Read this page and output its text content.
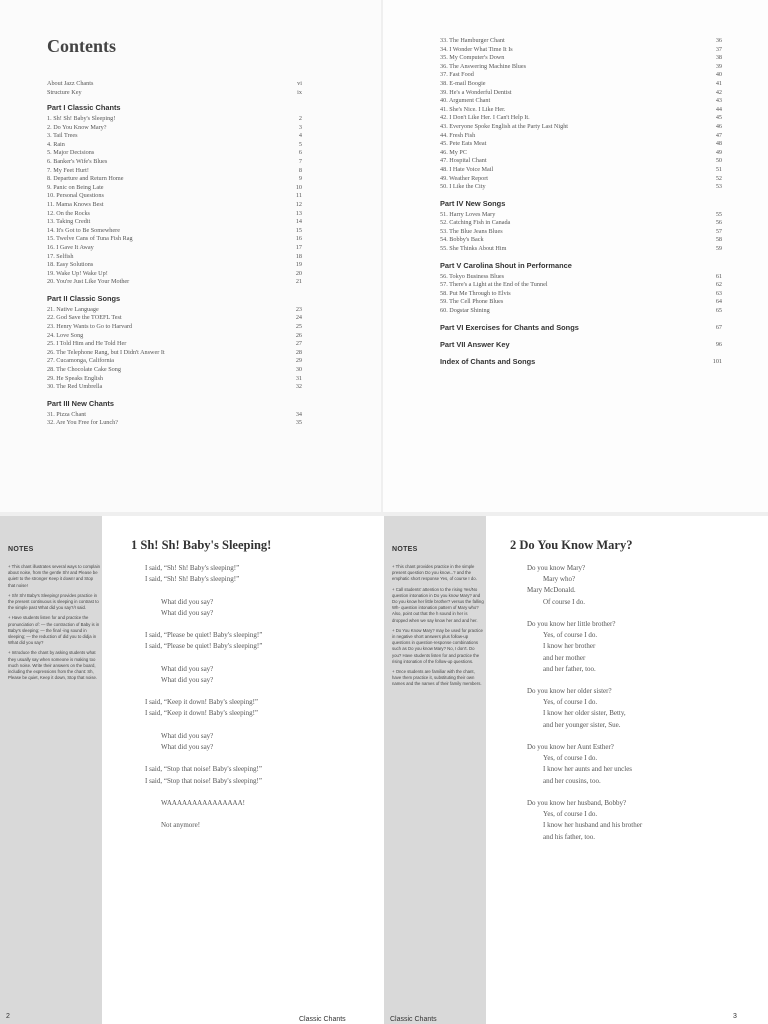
Contents
About Jazz Chants	vi
Structure Key	ix
Part I Classic Chants
1. Sh! Sh! Baby's Sleeping!	2
2. Do You Know Mary?	3
3. Tail Trees	4
4. Rain	5
5. Major Decisions	6
6. Banker's Wife's Blues	7
7. My Feet Hurt!	8
8. Departure and Return Home	9
9. Panic on Being Late	10
10. Personal Questions	11
11. Mama Knows Best	12
12. On the Rocks	13
13. Taking Credit	14
14. It's Got to Be Somewhere	15
15. Twelve Cans of Tuna Fish Rag	16
16. I Gave It Away	17
17. Selfish	18
18. Easy Solutions	19
19. Wake Up! Wake Up!	20
20. You're Just Like Your Mother	21
Part II Classic Songs
21. Native Language	23
22. God Save the TOEFL Test	24
23. Henry Wants to Go to Harvard	25
24. Love Song	26
25. I Told Him and He Told Her	27
26. The Telephone Rang, but I Didn't Answer It	28
27. Cucamonga, California	29
28. The Chocolate Cake Song	30
29. He Speaks English	31
30. The Red Umbrella	32
Part III New Chants
31. Pizza Chant	34
32. Are You Free for Lunch?	35
33. The Hamburger Chant	36
34. I Wonder What Time It Is	37
35. My Computer's Down	38
36. The Answering Machine Blues	39
37. Fast Food	40
38. E-mail Boogie	41
39. He's a Wonderful Dentist	42
40. Argument Chant	43
41. She's Nice. I Like Her.	44
42. I Don't Like Her. I Can't Help It.	45
43. Everyone Spoke English at the Party Last Night	46
44. Fresh Fish	47
45. Pete Eats Meat	48
46. My PC	49
47. Hospital Chant	50
48. I Hate Voice Mail	51
49. Weather Report	52
50. I Like the City	53
Part IV New Songs
51. Harry Loves Mary	55
52. Catching Fish in Canada	56
53. The Blue Jeans Blues	57
54. Bobby's Back	58
55. She Thinks About Him	59
Part V Carolina Shout in Performance
56. Tokyo Business Blues	61
57. There's a Light at the End of the Tunnel	62
58. Put Me Through to Elvis	63
59. The Cell Phone Blues	64
60. Dogstar Shining	65
Part VI Exercises for Chants and Songs	67
Part VII Answer Key	96
Index of Chants and Songs	101
NOTES

+ This chant illustrates several ways to complain about noise, from the gentle Sh! and Please be quiet! to the stronger Keep it down! and Stop that noise!

+ Sh! Sh! Baby's Sleeping! provides practice in the present continuous is sleeping in contrast to the simple past What did you say?/I said.

+ Have students listen for and practice the pronunciation of: — the contraction of Baby is in Baby's sleeping; — the final -ing sound in sleeping; — the reduction of did you to didja in What did you say?

+ Introduce the chant by asking students what they usually say when someone is making too much noise. Write their answers on the board, including the expressions from the chant: Sh, Please be quiet, Keep it down, Stop that noise.

1 Sh! Sh! Baby's Sleeping!
I said, “Sh! Sh! Baby's sleeping!”
I said, “Sh! Sh! Baby's sleeping!”
What did you say?
What did you say?
I said, “Please be quiet! Baby's sleeping!”
I said, “Please be quiet! Baby's sleeping!”
What did you say?
What did you say?
I said, “Keep it down! Baby's sleeping!”
I said, “Keep it down! Baby's sleeping!”
What did you say?
What did you say?
I said, “Stop that noise! Baby's sleeping!”
I said, “Stop that noise! Baby's sleeping!”
WAAAAAAAAAAAAAAA!
Not anymore!
2	Classic Chants
NOTES

+ This chant provides practice in the simple present question Do you know...? and the emphatic short response Yes, of course I do.

+ Call students' attention to the rising Yes/No question intonation in Do you know Mary? and Do you know her little brother? versus the falling Wh- question intonation pattern of Mary who? Also, point out that the h sound in her is dropped when we say know her and and her.

+ Do You Know Mary? may be used for practice in negative short answers plus follow-up questions in question-response combinations such as Do you know Mary? No, I don't. Do you? Have students listen for and practice the rising intonation of the follow-up questions.

+ Once students are familiar with the chant, have them practice it, substituting their own names and the names of their family members.

2 Do You Know Mary?
Do you know Mary?
Mary who?
Mary McDonald.
Of course I do.
Do you know her little brother?
Yes, of course I do.
I know her brother
and her mother
and her father, too.
Do you know her older sister?
Yes, of course I do.
I know her older sister, Betty,
and her younger sister, Sue.
Do you know her Aunt Esther?
Yes, of course I do.
I know her aunts and her uncles
and her cousins, too.
Do you know her husband, Bobby?
Yes, of course I do.
I know her husband and his brother
and his father, too.
Classic Chants	3
